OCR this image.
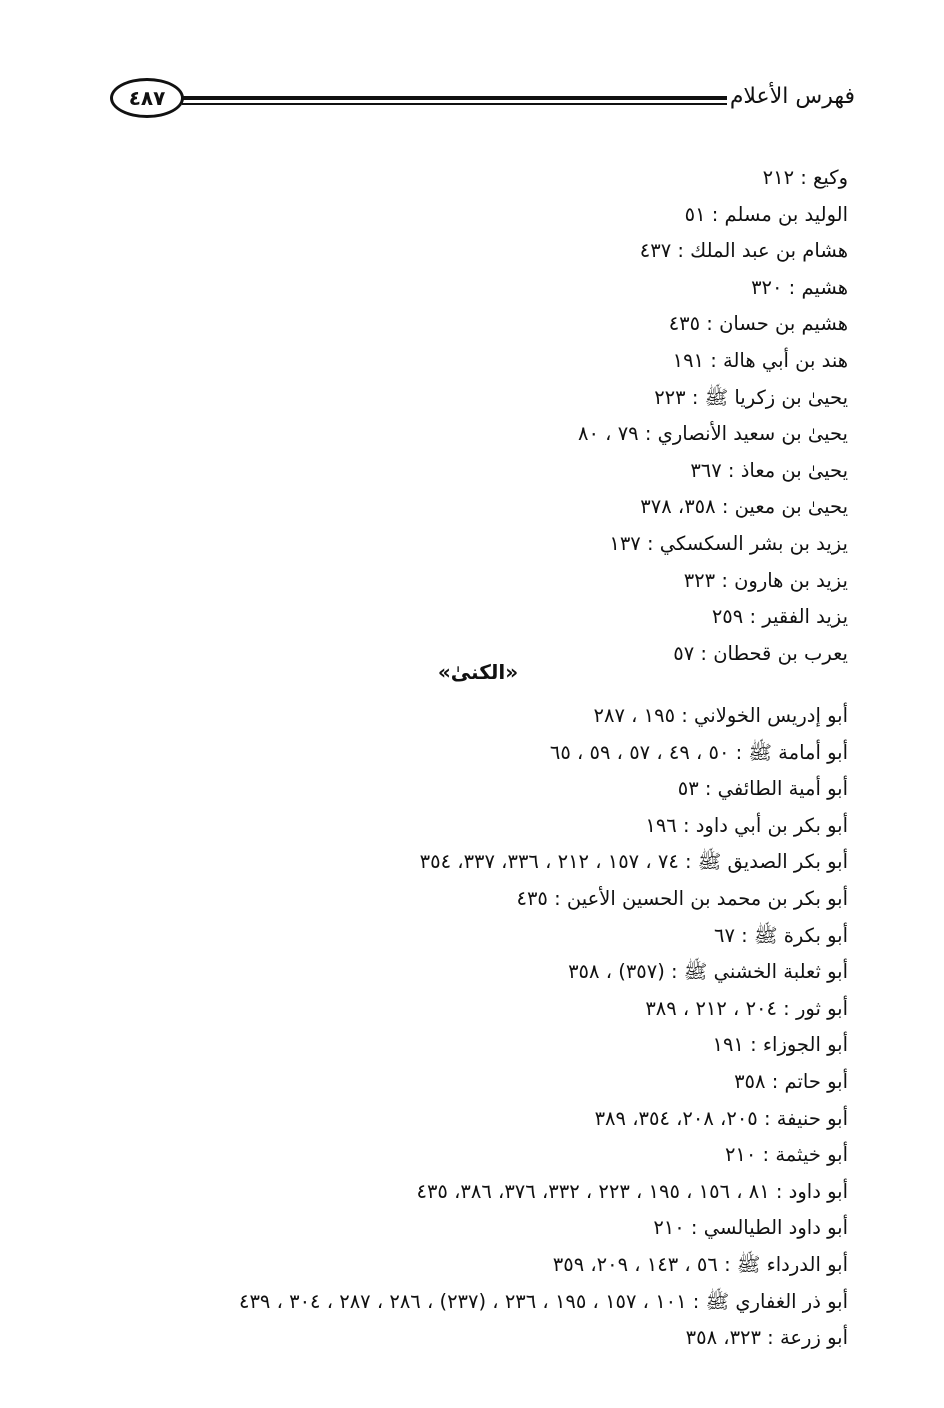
٤٨٧	فهرس الأعلام
وكيع : ٢١٢
الوليد بن مسلم : ٥١
هشام بن عبد الملك : ٤٣٧
هشيم : ٣٢٠
هشيم بن حسان : ٤٣٥
هند بن أبي هالة : ١٩١
يحيىٰ بن زكريا ﷺ : ٢٢٣
يحيىٰ بن سعيد الأنصاري : ٧٩ ، ٨٠
يحيىٰ بن معاذ : ٣٦٧
يحيىٰ بن معين : ٣٥٨، ٣٧٨
يزيد بن بشر السكسكي : ١٣٧
يزيد بن هارون : ٣٢٣
يزيد الفقير : ٢٥٩
يعرب بن قحطان : ٥٧
«الكنىٰ»
أبو إدريس الخولاني : ١٩٥ ، ٢٨٧
أبو أمامة ﷺ : ٥٠ ، ٤٩ ، ٥٧ ، ٥٩ ، ٦٥
أبو أمية الطائفي : ٥٣
أبو بكر بن أبي داود : ١٩٦
أبو بكر الصديق ﷺ : ٧٤ ، ١٥٧ ، ٢١٢ ، ٣٣٦، ٣٣٧، ٣٥٤
أبو بكر بن محمد بن الحسين الأعين : ٤٣٥
أبو بكرة ﷺ : ٦٧
أبو ثعلبة الخشني ﷺ : (٣٥٧) ، ٣٥٨
أبو ثور : ٢٠٤ ، ٢١٢ ، ٣٨٩
أبو الجوزاء : ١٩١
أبو حاتم : ٣٥٨
أبو حنيفة : ٢٠٥، ٢٠٨، ٣٥٤، ٣٨٩
أبو خيثمة : ٢١٠
أبو داود : ٨١ ، ١٥٦ ، ١٩٥ ، ٢٢٣ ، ٣٣٢، ٣٧٦، ٣٨٦، ٤٣٥
أبو داود الطيالسي : ٢١٠
أبو الدرداء ﷺ : ٥٦ ، ١٤٣ ، ٢٠٩، ٣٥٩
أبو ذر الغفاري ﷺ : ١٠١ ، ١٥٧ ، ١٩٥ ، ٢٣٦ ، (٢٣٧) ، ٢٨٦ ، ٢٨٧ ، ٣٠٤ ، ٤٣٩
أبو زرعة : ٣٢٣، ٣٥٨
